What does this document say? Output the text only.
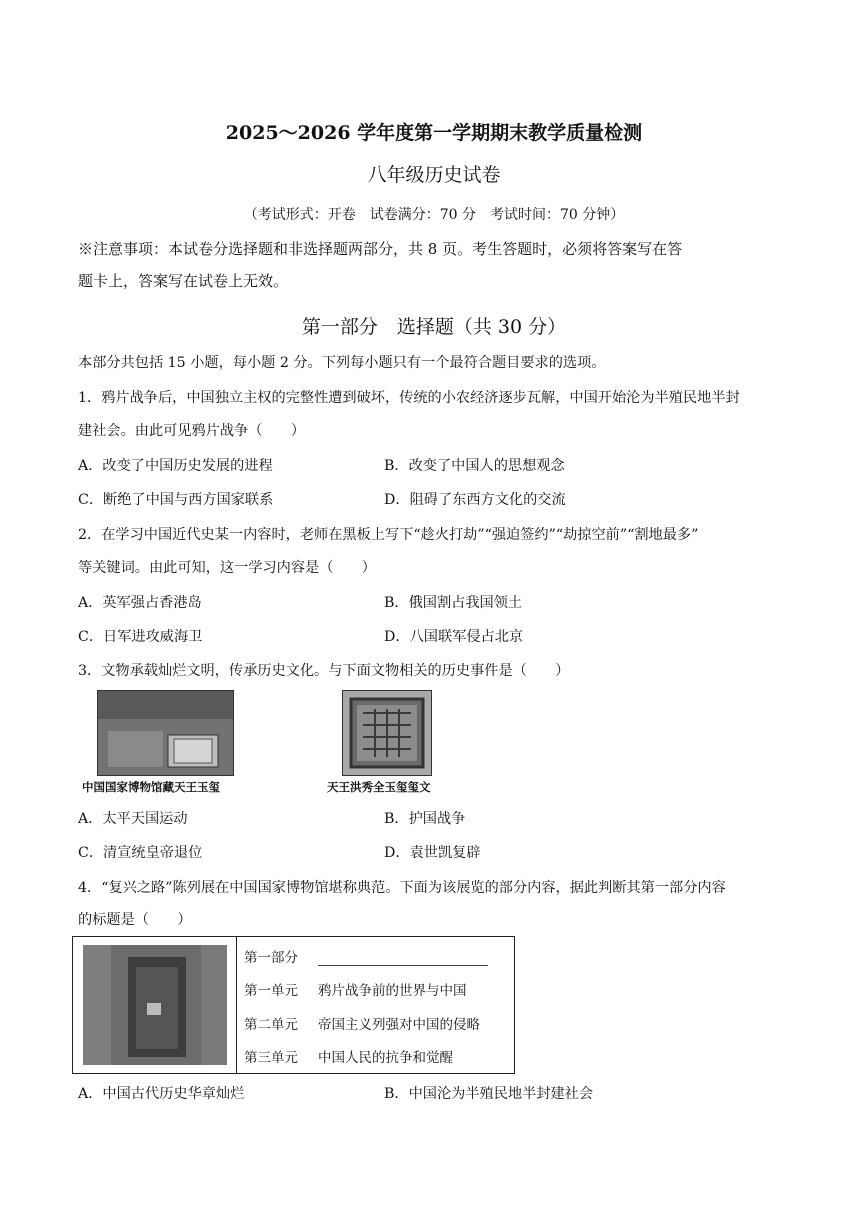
2025～2026 学年度第一学期期末教学质量检测
八年级历史试卷
（考试形式：开卷　试卷满分：70 分　考试时间：70 分钟）
※注意事项：本试卷分选择题和非选择题两部分，共 8 页。考生答题时，必须将答案写在答
题卡上，答案写在试卷上无效。
第一部分　选择题（共 30 分）
本部分共包括 15 小题，每小题 2 分。下列每小题只有一个最符合题目要求的选项。
1．鸦片战争后，中国独立主权的完整性遭到破坏，传统的小农经济逐步瓦解，中国开始沦为半殖民地半封
建社会。由此可见鸦片战争（　　）
A．改变了中国历史发展的进程	B．改变了中国人的思想观念
C．断绝了中国与西方国家联系	D．阻碍了东西方文化的交流
2．在学习中国近代史某一内容时，老师在黑板上写下“趁火打劫”“强迫签约”“劫掠空前”“割地最多”
等关键词。由此可知，这一学习内容是（　　）
A．英军强占香港岛	B．俄国割占我国领土
C．日军进攻威海卫	D．八国联军侵占北京
3．文物承载灿烂文明，传承历史文化。与下面文物相关的历史事件是（　　）
中国国家博物馆藏天王玉玺	天王洪秀全玉玺玺文
A．太平天国运动	B．护国战争
C．清宣统皇帝退位	D．袁世凯复辟
4．“复兴之路”陈列展在中国国家博物馆堪称典范。下面为该展览的部分内容，据此判断其第一部分内容
的标题是（　　）
第一部分
第一单元 鸦片战争前的世界与中国
第二单元 帝国主义列强对中国的侵略
第三单元 中国人民的抗争和觉醒
A．中国古代历史华章灿烂	B．中国沦为半殖民地半封建社会
